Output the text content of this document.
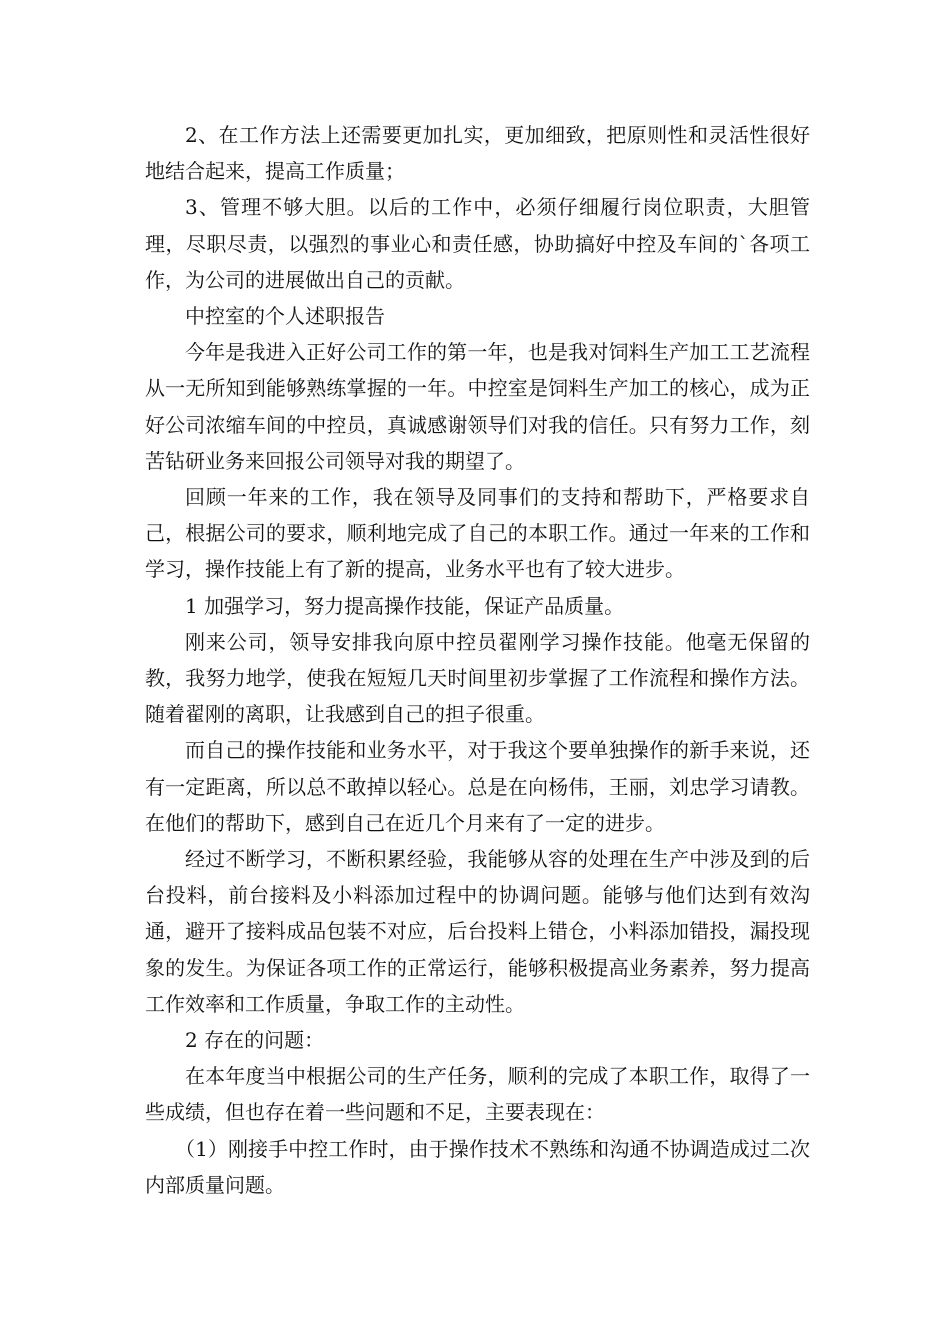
2、在工作方法上还需要更加扎实，更加细致，把原则性和灵活性很好地结合起来，提高工作质量；

3、管理不够大胆。以后的工作中，必须仔细履行岗位职责，大胆管理，尽职尽责，以强烈的事业心和责任感，协助搞好中控及车间的`各项工作，为公司的进展做出自己的贡献。

中控室的个人述职报告

今年是我进入正好公司工作的第一年，也是我对饲料生产加工工艺流程从一无所知到能够熟练掌握的一年。中控室是饲料生产加工的核心，成为正好公司浓缩车间的中控员，真诚感谢领导们对我的信任。只有努力工作，刻苦钻研业务来回报公司领导对我的期望了。

回顾一年来的工作，我在领导及同事们的支持和帮助下，严格要求自己，根据公司的要求，顺利地完成了自己的本职工作。通过一年来的工作和学习，操作技能上有了新的提高，业务水平也有了较大进步。

1 加强学习，努力提高操作技能，保证产品质量。

刚来公司，领导安排我向原中控员翟刚学习操作技能。他毫无保留的教，我努力地学，使我在短短几天时间里初步掌握了工作流程和操作方法。随着翟刚的离职，让我感到自己的担子很重。

而自己的操作技能和业务水平，对于我这个要单独操作的新手来说，还有一定距离，所以总不敢掉以轻心。总是在向杨伟，王丽，刘忠学习请教。在他们的帮助下，感到自己在近几个月来有了一定的进步。

经过不断学习，不断积累经验，我能够从容的处理在生产中涉及到的后台投料，前台接料及小料添加过程中的协调问题。能够与他们达到有效沟通，避开了接料成品包装不对应，后台投料上错仓，小料添加错投，漏投现象的发生。为保证各项工作的正常运行，能够积极提高业务素养，努力提高工作效率和工作质量，争取工作的主动性。

2 存在的问题：

在本年度当中根据公司的生产任务，顺利的完成了本职工作，取得了一些成绩，但也存在着一些问题和不足，主要表现在：

（1）刚接手中控工作时，由于操作技术不熟练和沟通不协调造成过二次内部质量问题。
